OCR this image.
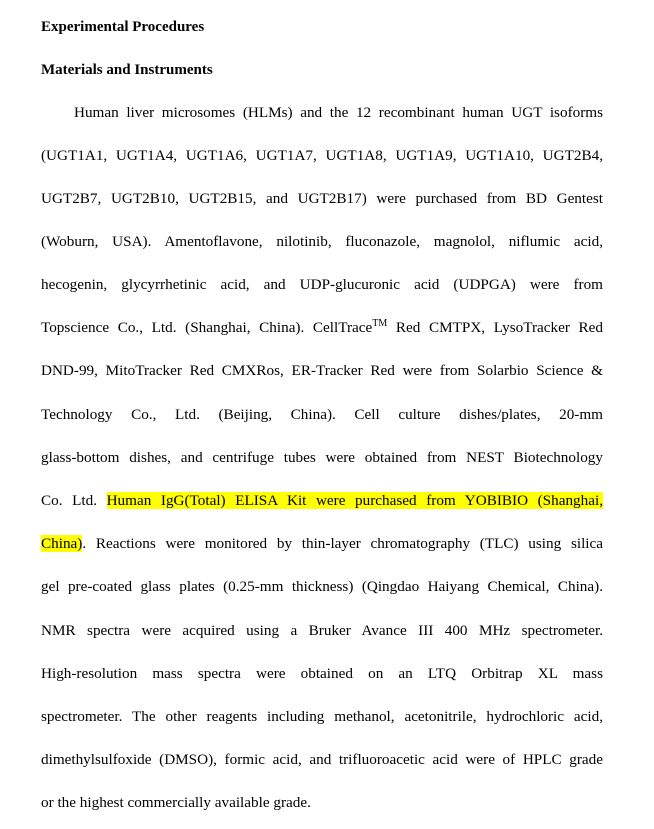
Experimental Procedures
Materials and Instruments
Human liver microsomes (HLMs) and the 12 recombinant human UGT isoforms
(UGT1A1, UGT1A4, UGT1A6, UGT1A7, UGT1A8, UGT1A9, UGT1A10, UGT2B4,
UGT2B7, UGT2B10, UGT2B15, and UGT2B17) were purchased from BD Gentest
(Woburn, USA). Amentoflavone, nilotinib, fluconazole, magnolol, niflumic acid,
hecogenin, glycyrrhetinic acid, and UDP-glucuronic acid (UDPGA) were from
Topscience Co., Ltd. (Shanghai, China). CellTrace™ Red CMTPX, LysoTracker Red
DND-99, MitoTracker Red CMXRos, ER-Tracker Red were from Solarbio Science &
Technology Co., Ltd. (Beijing, China). Cell culture dishes/plates, 20-mm
glass-bottom dishes, and centrifuge tubes were obtained from NEST Biotechnology
Co. Ltd. Human IgG(Total) ELISA Kit were purchased from YOBIBIO (Shanghai,
China). Reactions were monitored by thin-layer chromatography (TLC) using silica
gel pre-coated glass plates (0.25-mm thickness) (Qingdao Haiyang Chemical, China).
NMR spectra were acquired using a Bruker Avance III 400 MHz spectrometer.
High-resolution mass spectra were obtained on an LTQ Orbitrap XL mass
spectrometer. The other reagents including methanol, acetonitrile, hydrochloric acid,
dimethylsulfoxide (DMSO), formic acid, and trifluoroacetic acid were of HPLC grade
or the highest commercially available grade.
